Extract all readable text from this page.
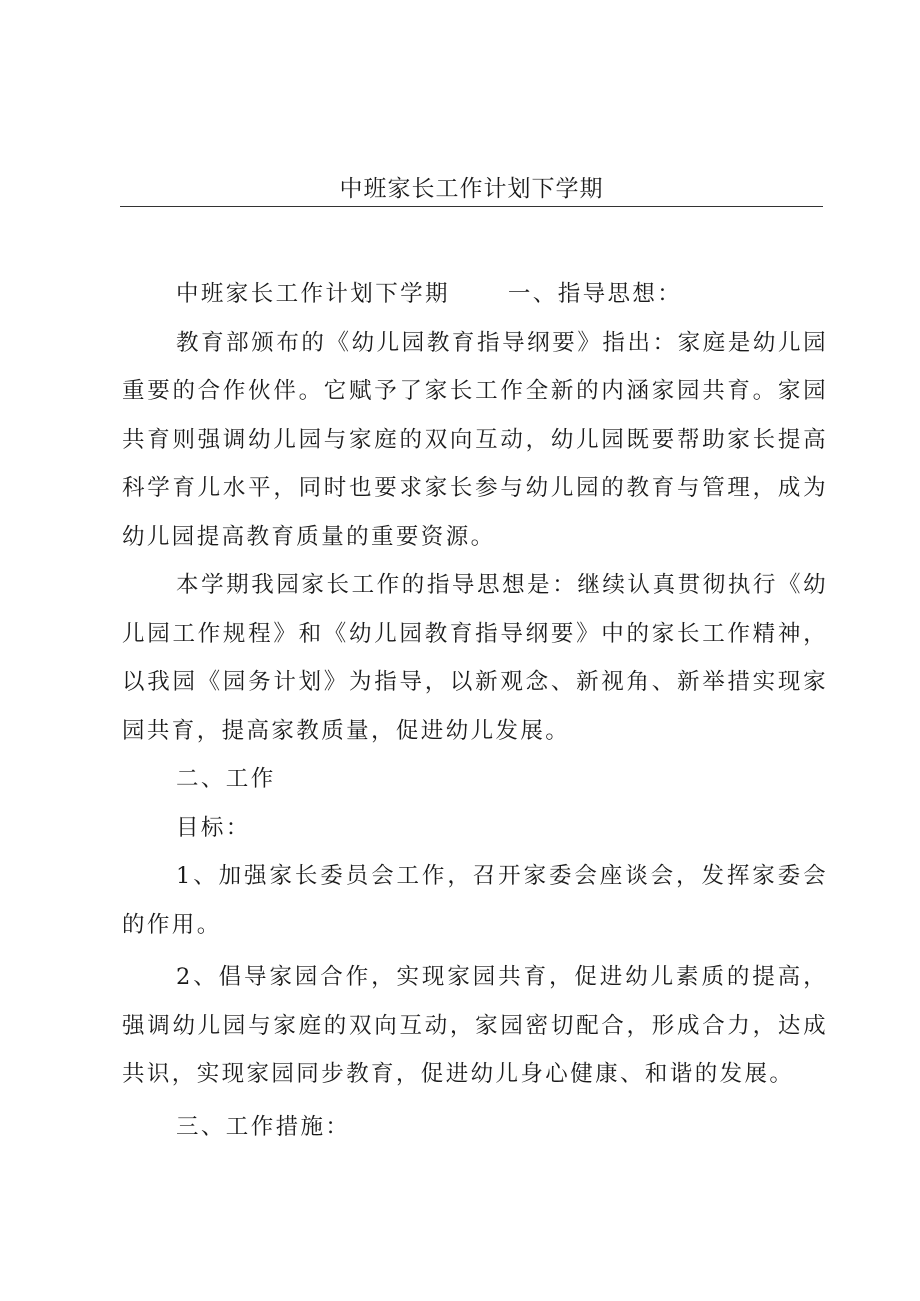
中班家长工作计划下学期

中班家长工作计划下学期	一、指导思想：

教育部颁布的《幼儿园教育指导纲要》指出：家庭是幼儿园重要的合作伙伴。它赋予了家长工作全新的内涵家园共育。家园共育则强调幼儿园与家庭的双向互动，幼儿园既要帮助家长提高科学育儿水平，同时也要求家长参与幼儿园的教育与管理，成为幼儿园提高教育质量的重要资源。

本学期我园家长工作的指导思想是：继续认真贯彻执行《幼儿园工作规程》和《幼儿园教育指导纲要》中的家长工作精神，以我园《园务计划》为指导，以新观念、新视角、新举措实现家园共育，提高家教质量，促进幼儿发展。

二、工作

目标：

1、加强家长委员会工作，召开家委会座谈会，发挥家委会的作用。

2、倡导家园合作，实现家园共育，促进幼儿素质的提高，强调幼儿园与家庭的双向互动，家园密切配合，形成合力，达成共识，实现家园同步教育，促进幼儿身心健康、和谐的发展。

三、工作措施：
